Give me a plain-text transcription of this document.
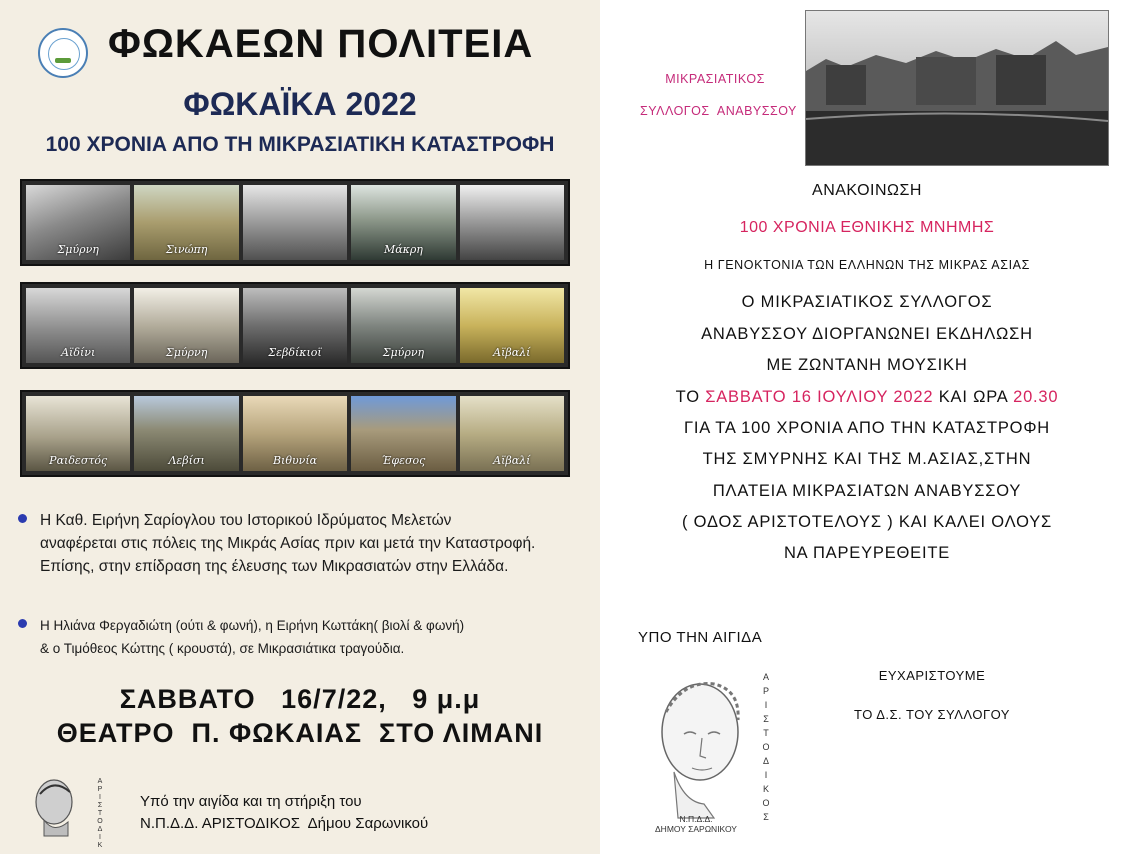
ΦΩΚΑΕΩΝ ΠΟΛΙΤΕΙΑ
ΦΩΚΑΪΚΑ 2022
100 ΧΡΟΝΙΑ ΑΠΟ ΤΗ ΜΙΚΡΑΣΙΑΤΙΚΗ ΚΑΤΑΣΤΡΟΦΗ
Σμύρνη	Σινώπη	Μάκρη
Αϊδίνι	Σμύρνη	Σεβδίκιοϊ	Σμύρνη	Αϊβαλί
Ραιδεστός	Λεβίσι	Βιθυνία	Έφεσος	Αϊβαλί
Η Καθ. Ειρήνη Σαρίογλου του Ιστορικού Ιδρύματος Μελετών
αναφέρεται στις πόλεις της Μικράς Ασίας πριν και μετά την Καταστροφή.
Επίσης, στην επίδραση της έλευσης των Μικρασιατών στην Ελλάδα.
Η Ηλιάνα Φεργαδιώτη (ούτι & φωνή), η Ειρήνη Κωττάκη( βιολί & φωνή)
& ο Τιμόθεος Κώττης ( κρουστά), σε Μικρασιάτικα τραγούδια.
ΣΑΒΒΑΤΟ   16/7/22,   9 μ.μ
ΘΕΑΤΡΟ  Π. ΦΩΚΑΙΑΣ  ΣΤΟ ΛΙΜΑΝΙ
Α
Ρ
Ι
Σ
Τ
Ο
Δ
Ι
Κ
Υπό την αιγίδα και τη στήριξη του
Ν.Π.Δ.Δ. ΑΡΙΣΤΟΔΙΚΟΣ  Δήμου Σαρωνικού
ΜΙΚΡΑΣΙΑΤΙΚΟΣ
ΣΥΛΛΟΓΟΣ  ΑΝΑΒΥΣΣΟΥ
ΑΝΑΚΟΙΝΩΣΗ
100 ΧΡΟΝΙΑ ΕΘΝΙΚΗΣ ΜΝΗΜΗΣ
Η ΓΕΝΟΚΤΟΝΙΑ ΤΩΝ ΕΛΛΗΝΩΝ ΤΗΣ ΜΙΚΡΑΣ ΑΣΙΑΣ
Ο ΜΙΚΡΑΣΙΑΤΙΚΟΣ ΣΥΛΛΟΓΟΣ
ΑΝΑΒΥΣΣΟΥ ΔΙΟΡΓΑΝΩΝΕΙ ΕΚΔΗΛΩΣΗ
ΜΕ ΖΩΝΤΑΝΗ ΜΟΥΣΙΚΗ
ΤΟ ΣΑΒΒΑΤΟ 16 ΙΟΥΛΙΟΥ 2022 ΚΑΙ ΩΡΑ 20.30
ΓΙΑ ΤΑ 100 ΧΡΟΝΙΑ ΑΠΟ ΤΗΝ ΚΑΤΑΣΤΡΟΦΗ
ΤΗΣ ΣΜΥΡΝΗΣ ΚΑΙ ΤΗΣ Μ.ΑΣΙΑΣ,ΣΤΗΝ
ΠΛΑΤΕΙΑ ΜΙΚΡΑΣΙΑΤΩΝ ΑΝΑΒΥΣΣΟΥ
( ΟΔΟΣ ΑΡΙΣΤΟΤΕΛΟΥΣ ) ΚΑΙ ΚΑΛΕΙ ΟΛΟΥΣ
ΝΑ ΠΑΡΕΥΡΕΘΕΙΤΕ
ΥΠΟ ΤΗΝ ΑΙΓΙΔΑ
Α
Ρ
Ι
Σ
Τ
Ο
Δ
Ι
Κ
Ο
Σ
Ν.Π.Δ.Δ.
ΔΗΜΟΥ ΣΑΡΩΝΙΚΟΥ
ΕΥΧΑΡΙΣΤΟΥΜΕ
ΤΟ Δ.Σ. ΤΟΥ ΣΥΛΛΟΓΟΥ
